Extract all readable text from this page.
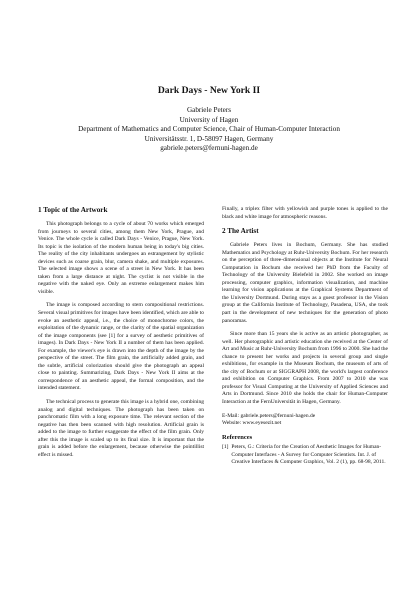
Dark Days - New York II
Gabriele Peters
University of Hagen
Department of Mathematics and Computer Science, Chair of Human-Computer Interaction
Universitätsstr. 1, D-58097 Hagen, Germany
gabriele.peters@fernuni-hagen.de
1 Topic of the Artwork

This photograph belongs to a cycle of about 70 works which emerged from journeys to several cities, among them New York, Prague, and Venice. The whole cycle is called Dark Days - Venice, Prague, New York. Its topic is the isolation of the modern human being in today's big cities. The reality of the city inhabitants undergoes an estrangement by stylistic devices such as coarse grain, blur, camera shake, and multiple exposures. The selected image shows a scene of a street in New York. It has been taken from a large distance at night. The cyclist is not visible in the negative with the naked eye. Only an extreme enlargement makes him visible.

The image is composed according to stern compositional restrictions. Several visual primitives for images have been identified, which are able to evoke an aesthetic appeal, i.e., the choice of monochrome colors, the exploitation of the dynamic range, or the clarity of the spatial organization of the image components (see [1] for a survey of aesthetic primitives of images). In Dark Days - New York II a number of them has been applied. For example, the viewer's eye is drawn into the depth of the image by the perspective of the street. The film grain, the artificially added grain, and the subtle, artificial colorization should give the photograph an appeal close to painting. Summarizing, Dark Days - New York II aims at the correspondence of an aesthetic appeal, the formal composition, and the intended statement.

The technical process to generate this image is a hybrid one, combining analog and digital techniques. The photograph has been taken on panchromatic film with a long exposure time. The relevant section of the negative has then been scanned with high resolution. Artificial grain is added to the image to further exaggerate the effect of the film grain. Only after this the image is scaled up to its final size. It is important that the grain is added before the enlargement, because otherwise the pointillist effect is missed.

Finally, a triplex filter with yellowish and purple tones is applied to the black and white image for atmospheric reasons.

2 The Artist

Gabriele Peters lives in Bochum, Germany. She has studied Mathematics and Psychology at Ruhr-University Bochum. For her research on the perception of three-dimensional objects at the Institute for Neural Computation in Bochum she received her PhD from the Faculty of Technology of the University Bielefeld in 2002. She worked on image processing, computer graphics, information visualization, and machine learning for vision applications at the Graphical Systems Department of the University Dortmund. During stays as a guest professor in the Vision group at the California Institute of Technology, Pasadena, USA, she took part in the development of new techniques for the generation of photo panoramas.

Since more than 15 years she is active as an artistic photographer, as well. Her photographic and artistic education she received at the Center of Art and Music at Ruhr-University Bochum from 1996 to 2000. She had the chance to present her works and projects in several group and single exhibitions, for example in the Museum Bochum, the museum of arts of the city of Bochum or at SIGGRAPH 2008, the world's largest conference and exhibition on Computer Graphics. From 2007 to 2010 she was professor for Visual Computing at the University of Applied Sciences and Arts in Dortmund. Since 2010 she holds the chair for Human-Computer Interaction at the FernUniversität in Hagen, Germany.

E-Mail: gabriele.peters@fernuni-hagen.de
Website: www.eyesezit.net
References
[1] Peters, G.: Criteria for the Creation of Aesthetic Images for Human-Computer Interfaces - A Survey for Computer Scientists. Int. J. of Creative Interfaces & Computer Graphics, Vol. 2 (1), pp. 68-98, 2011.
